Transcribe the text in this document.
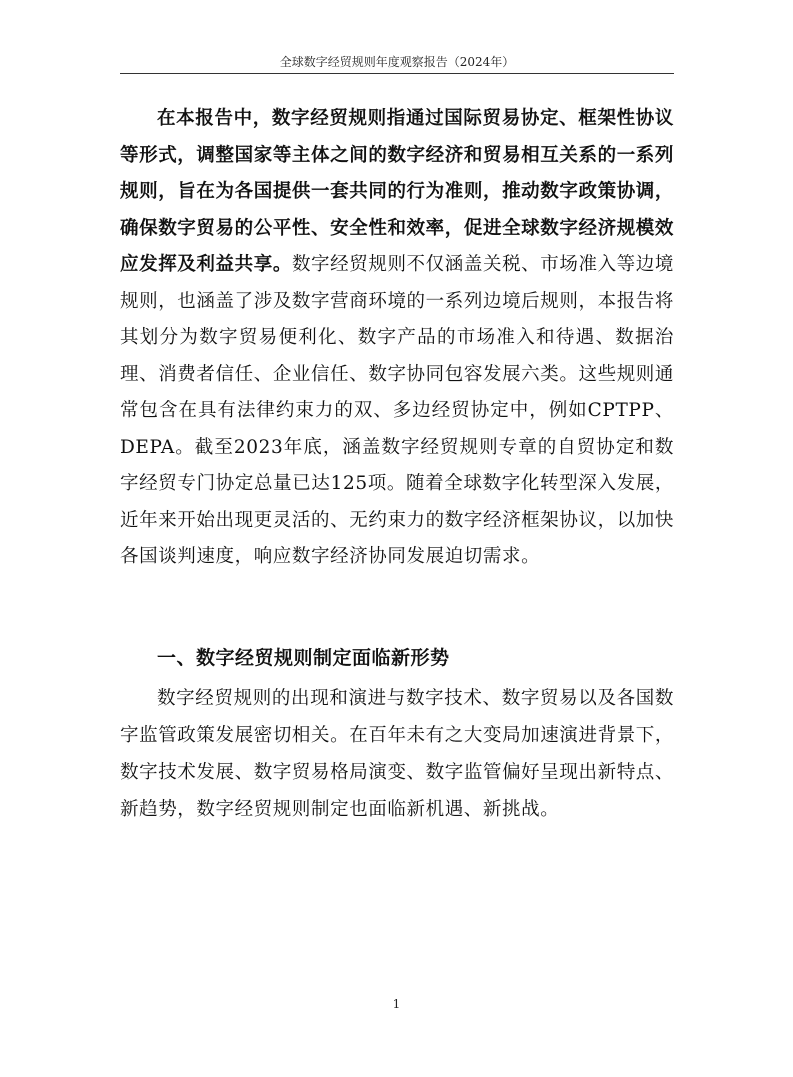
全球数字经贸规则年度观察报告（2024年）

在本报告中，数字经贸规则指通过国际贸易协定、框架性协议等形式，调整国家等主体之间的数字经济和贸易相互关系的一系列规则，旨在为各国提供一套共同的行为准则，推动数字政策协调，确保数字贸易的公平性、安全性和效率，促进全球数字经济规模效应发挥及利益共享。数字经贸规则不仅涵盖关税、市场准入等边境规则，也涵盖了涉及数字营商环境的一系列边境后规则，本报告将其划分为数字贸易便利化、数字产品的市场准入和待遇、数据治理、消费者信任、企业信任、数字协同包容发展六类。这些规则通常包含在具有法律约束力的双、多边经贸协定中，例如CPTPP、DEPA。截至2023年底，涵盖数字经贸规则专章的自贸协定和数字经贸专门协定总量已达125项。随着全球数字化转型深入发展，近年来开始出现更灵活的、无约束力的数字经济框架协议，以加快各国谈判速度，响应数字经济协同发展迫切需求。

一、数字经贸规则制定面临新形势

数字经贸规则的出现和演进与数字技术、数字贸易以及各国数字监管政策发展密切相关。在百年未有之大变局加速演进背景下，数字技术发展、数字贸易格局演变、数字监管偏好呈现出新特点、新趋势，数字经贸规则制定也面临新机遇、新挑战。

1
